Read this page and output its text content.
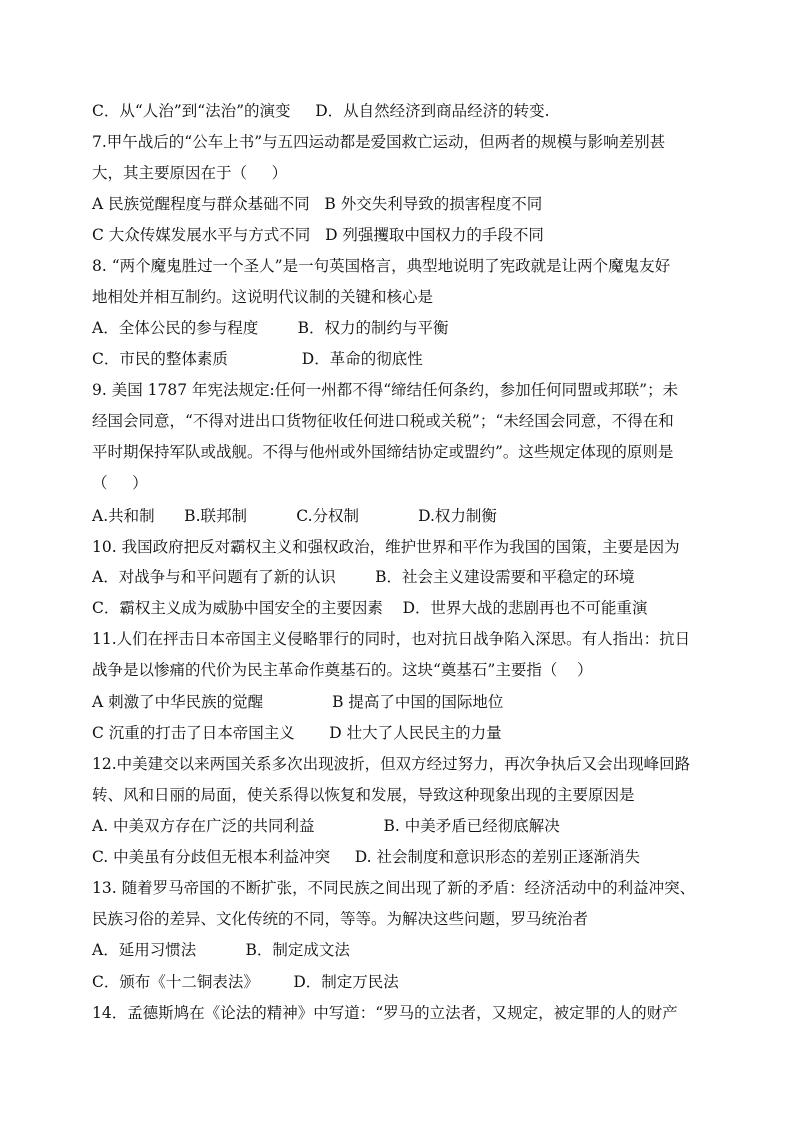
C．从“人治”到“法治”的演变     D．从自然经济到商品经济的转变.
7.甲午战后的“公车上书”与五四运动都是爱国救亡运动，但两者的规模与影响差别甚
大，其主要原因在于（     ）
A 民族觉醒程度与群众基础不同   B 外交失利导致的损害程度不同
C 大众传媒发展水平与方式不同   D 列强攫取中国权力的手段不同
8. “两个魔鬼胜过一个圣人”是一句英国格言，典型地说明了宪政就是让两个魔鬼友好
地相处并相互制约。这说明代议制的关键和核心是
A．全体公民的参与程度        B．权力的制约与平衡
C．市民的整体素质               D．革命的彻底性
9. 美国 1787 年宪法规定:任何一州都不得“缔结任何条约，参加任何同盟或邦联”；未
经国会同意，“不得对进出口货物征收任何进口税或关税”；“未经国会同意，不得在和
平时期保持军队或战舰。不得与他州或外国缔结协定或盟约”。这些规定体现的原则是
（     ）
A.共和制      B.联邦制          C.分权制            D.权力制衡
10. 我国政府把反对霸权主义和强权政治，维护世界和平作为我国的国策，主要是因为
A．对战争与和平问题有了新的认识        B．社会主义建设需要和平稳定的环境
C．霸权主义成为威胁中国安全的主要因素    D．世界大战的悲剧再也不可能重演
11.人们在抨击日本帝国主义侵略罪行的同时，也对抗日战争陷入深思。有人指出：抗日
战争是以惨痛的代价为民主革命作奠基石的。这块“奠基石”主要指（    ）
A 刺激了中华民族的觉醒              B 提高了中国的国际地位
C 沉重的打击了日本帝国主义       D 壮大了人民民主的力量
12.中美建交以来两国关系多次出现波折，但双方经过努力，再次争执后又会出现峰回路
转、风和日丽的局面，使关系得以恢复和发展，导致这种现象出现的主要原因是
A. 中美双方存在广泛的共同利益              B. 中美矛盾已经彻底解决
C. 中美虽有分歧但无根本利益冲突     D. 社会制度和意识形态的差别正逐渐消失
13. 随着罗马帝国的不断扩张，不同民族之间出现了新的矛盾：经济活动中的利益冲突、
民族习俗的差异、文化传统的不同，等等。为解决这些问题，罗马统治者
A．延用习惯法          B．制定成文法
C．颁布《十二铜表法》       D．制定万民法
14．孟德斯鸠在《论法的精神》中写道：“罗马的立法者，又规定，被定罪的人的财产
